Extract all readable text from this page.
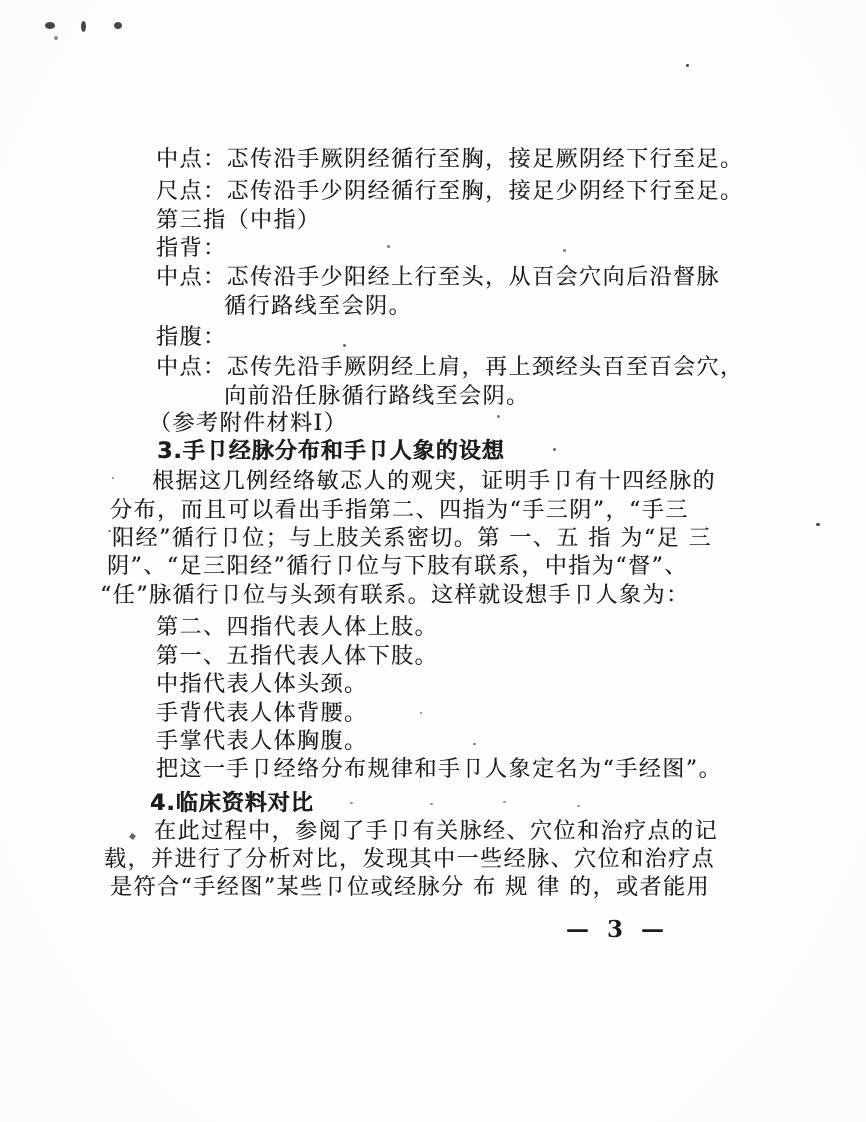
中点：忑传沿手厥阴经循行至胸，接足厥阴经下行至足。
尺点：忑传沿手少阴经循行至胸，接足少阴经下行至足。
第三指（中指）
指背：
中点：忑传沿手少阳经上行至头，从百会穴向后沿督脉
循行路线至会阴。
指腹：
中点：忑传先沿手厥阴经上肩，再上颈经头百至百会穴，
向前沿任脉循行路线至会阴。
（参考附件材料Ⅰ）
3.手卩经脉分布和手卩人象的设想
根据这几例经络敏忑人的观宊，证明手卩有十四经脉的
分布，而且可以看出手指第二、四指为“手三阴”，“手三
阳经”循行卩位；与上肢关系密切。第 一、五 指 为“足 三
阴”、“足三阳经”循行卩位与下肢有联系，中指为“督”、
“任”脉循行卩位与头颈有联系。这样就设想手卩人象为：
第二、四指代表人体上肢。
第一、五指代表人体下肢。
中指代表人体头颈。
手背代表人体背腰。
手掌代表人体胸腹。
把这一手卩经络分布规律和手卩人象定名为“手经图”。
4.临床资料对比
在此过程中，参阅了手卩有关脉经、穴位和治疗点的记
载，并进行了分析对比，发现其中一些经脉、穴位和治疗点
是符合“手经图”某些卩位或经脉分 布 规 律 的，或者能用
— 3 —
